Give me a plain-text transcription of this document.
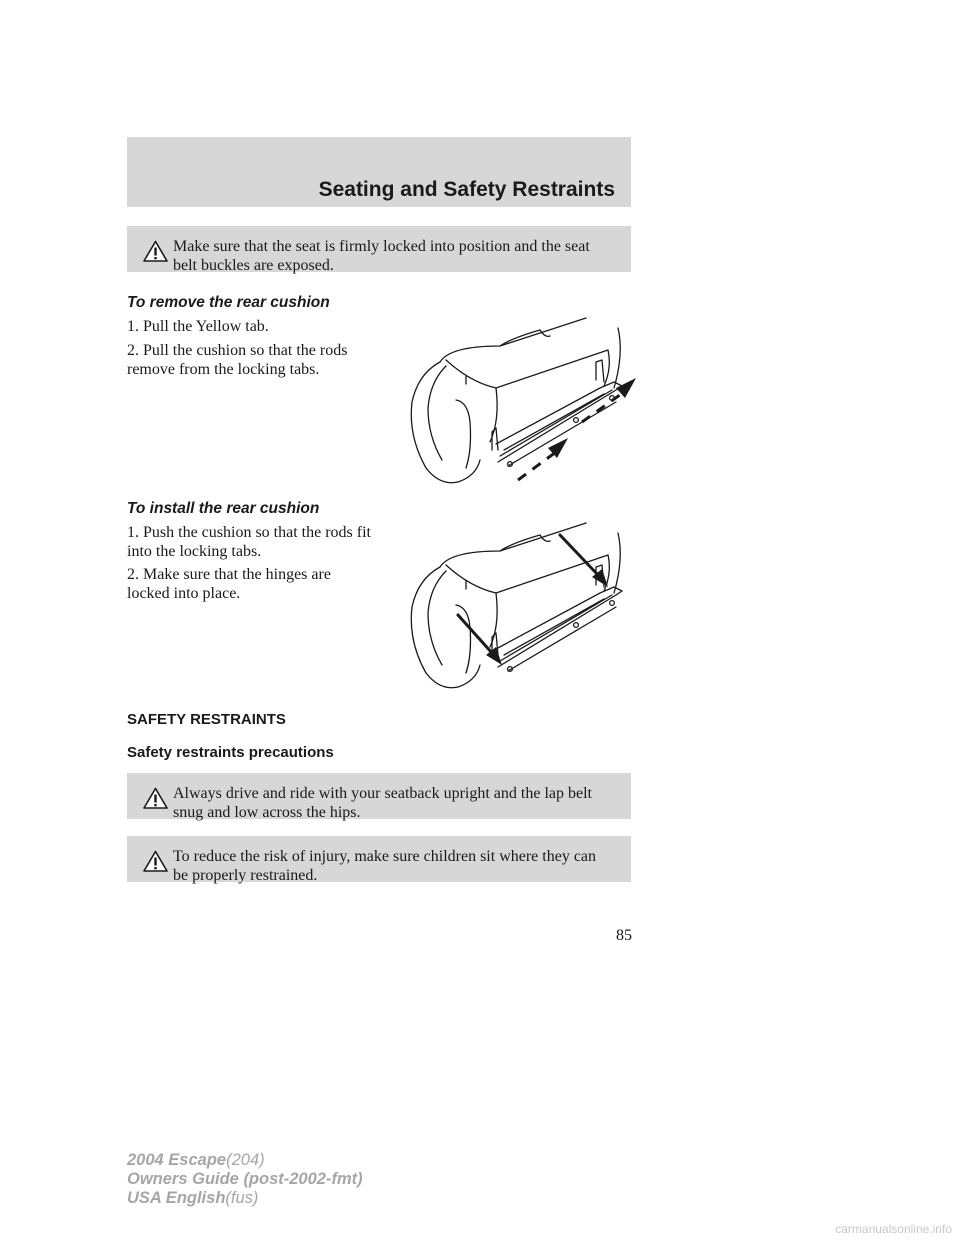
Seating and Safety Restraints
Make sure that the seat is firmly locked into position and the seat belt buckles are exposed.
To remove the rear cushion
1. Pull the Yellow tab.
2. Pull the cushion so that the rods remove from the locking tabs.
To install the rear cushion
1. Push the cushion so that the rods fit into the locking tabs.
2. Make sure that the hinges are locked into place.
SAFETY RESTRAINTS
Safety restraints precautions
Always drive and ride with your seatback upright and the lap belt snug and low across the hips.
To reduce the risk of injury, make sure children sit where they can be properly restrained.
85
2004 Escape(204)
Owners Guide (post-2002-fmt)
USA English(fus)
carmanualsonline.info
